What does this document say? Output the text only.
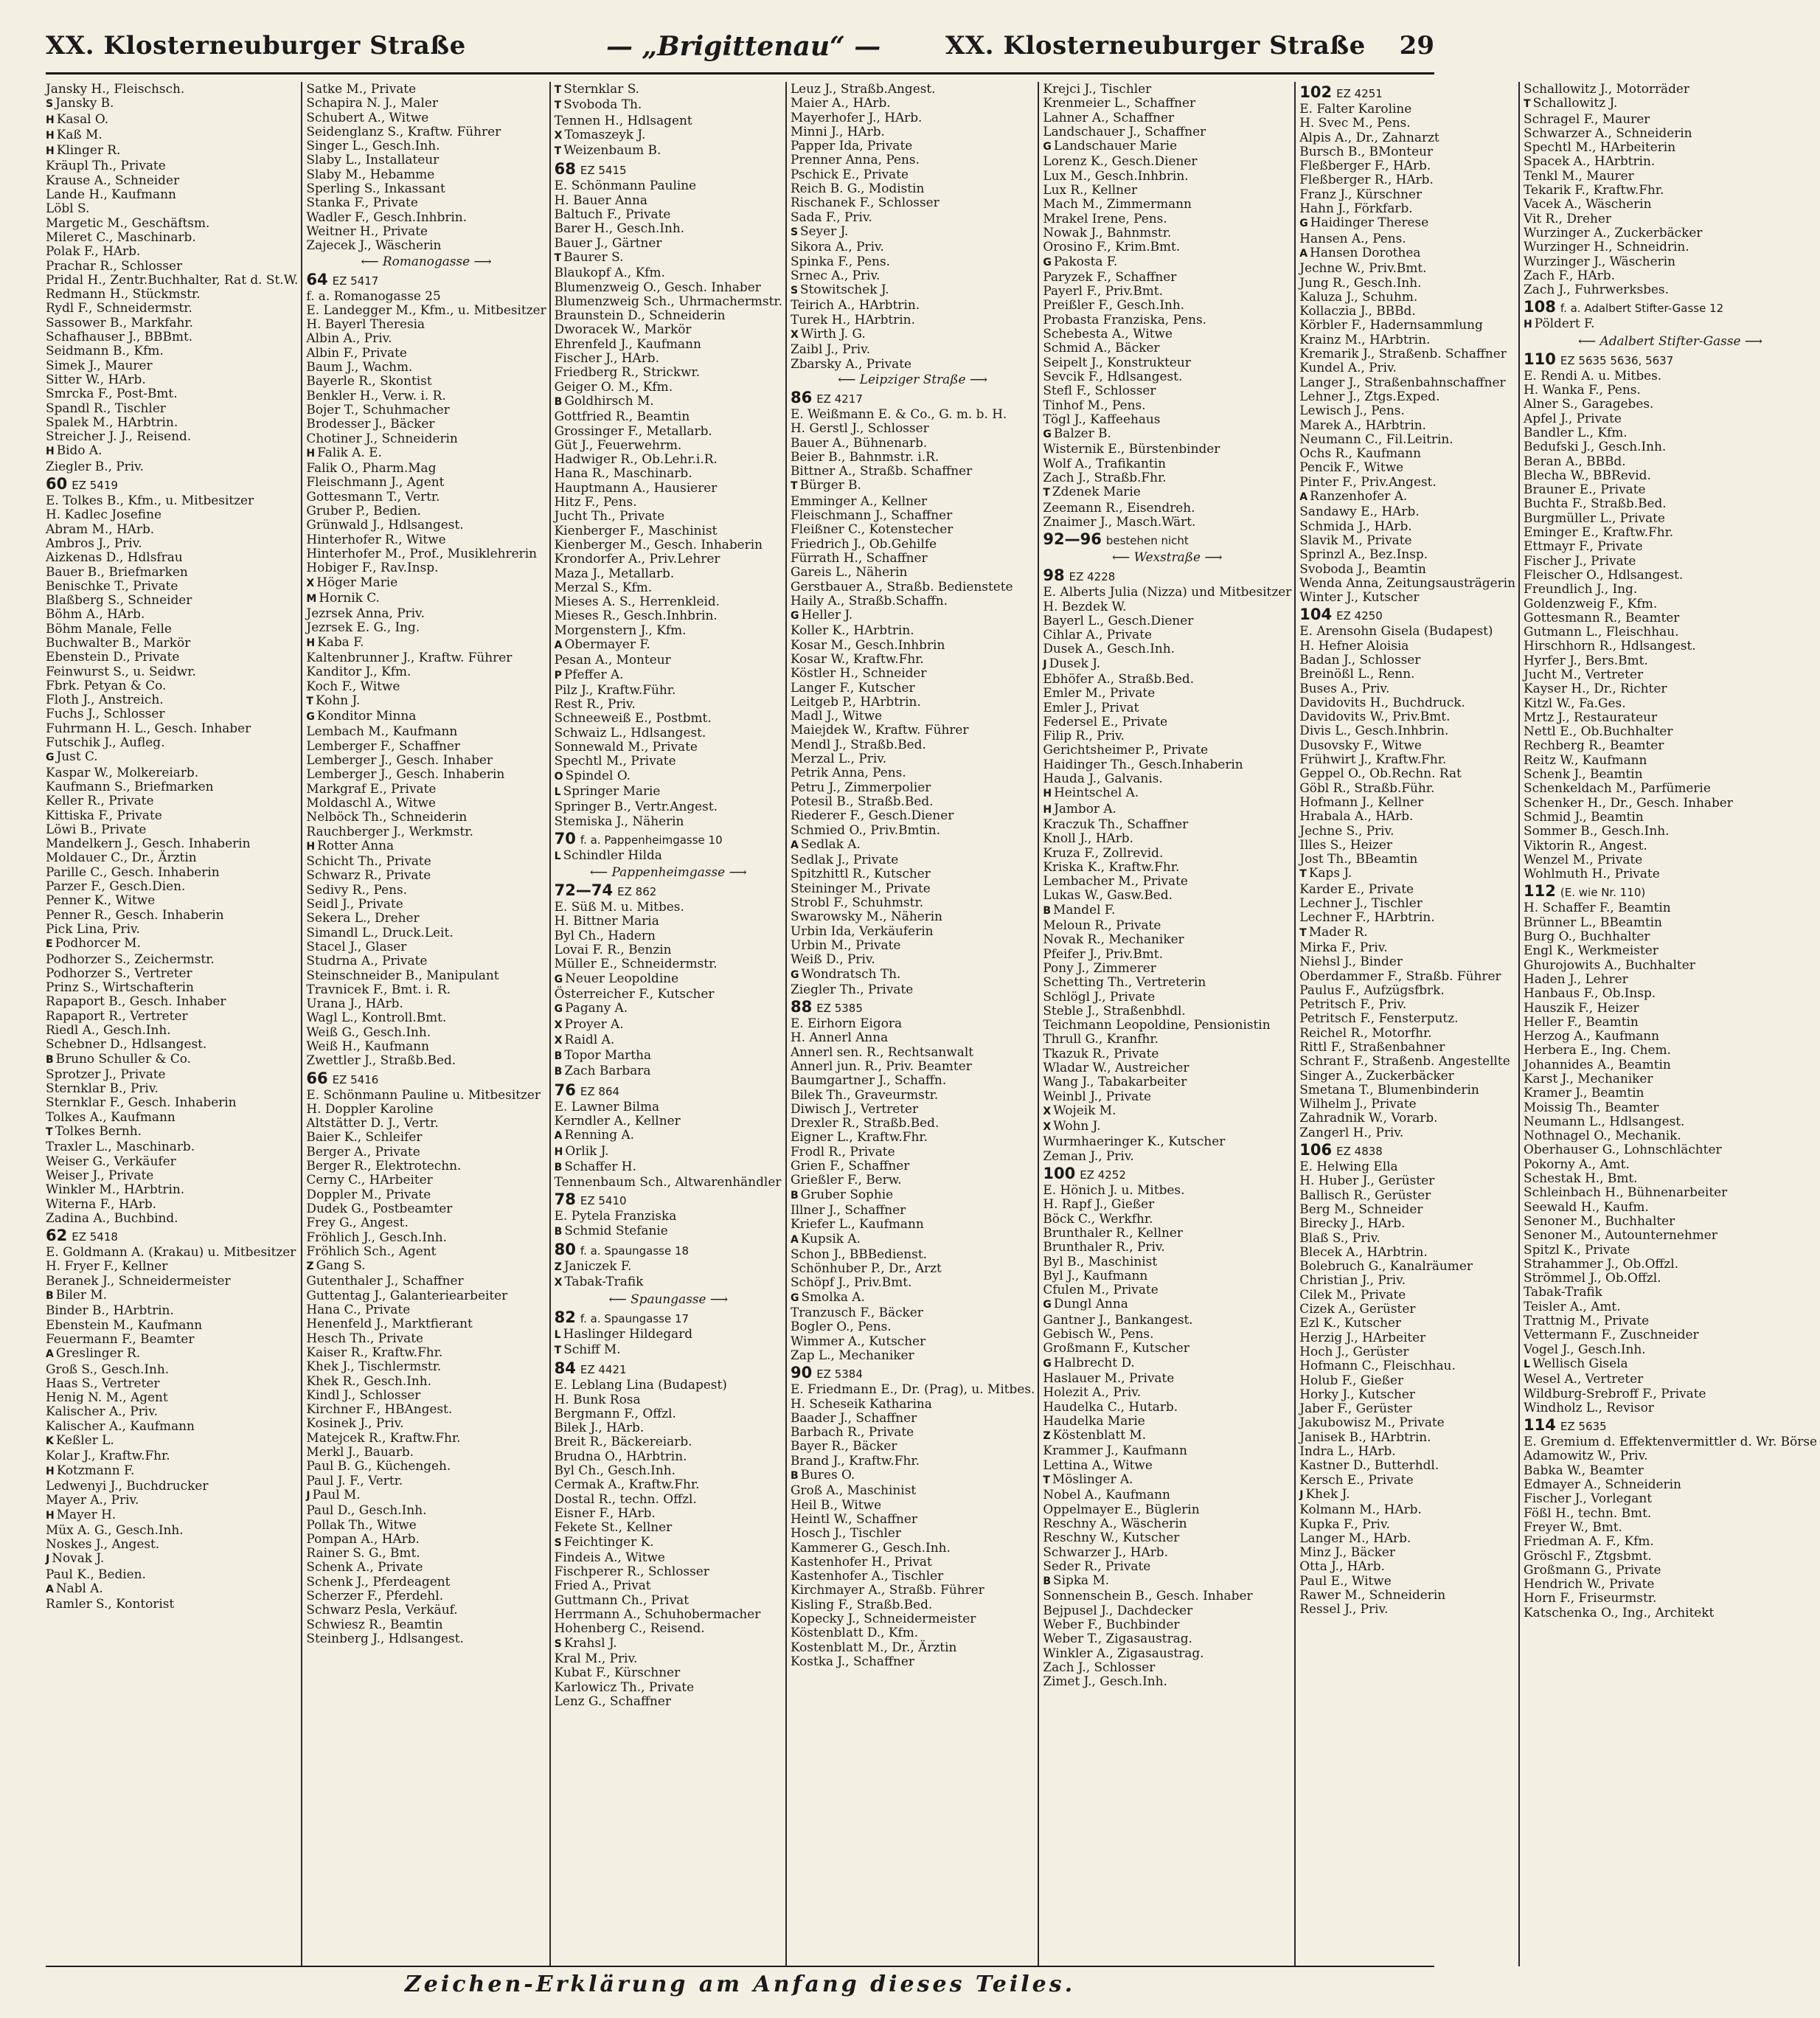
XX. Klosterneuburger Straße	— „Brigittenau“ —	XX. Klosterneuburger Straße 29
Jansky H., Fleischsch.
S Jansky B.
H Kasal O.
H Kaß M.
H Klinger R.
Kräupl Th., Private
Krause A., Schneider
Lande H., Kaufmann
Löbl S.
Margetic M., Geschäftsm.
Mileret C., Maschinarb.
Polak F., HArb.
Prachar R., Schlosser
Pridal H., Zentr.Buchhalter, Rat d. St.W.
Redmann H., Stückmstr.
Rydl F., Schneidermstr.
Sassower B., Markfahr.
Schafhauser J., BBBmt.
Seidmann B., Kfm.
Simek J., Maurer
Sitter W., HArb.
Smrcka F., Post-Bmt.
Spandl R., Tischler
Spalek M., HArbtrin.
Streicher J. J., Reisend.
H Bido A.
Ziegler B., Priv.
60 EZ 5419
E. Tolkes B., Kfm., u. Mitbesitzer
H. Kadlec Josefine
Abram M., HArb.
Ambros J., Priv.
Aizkenas D., Hdlsfrau
Bauer B., Briefmarken
Benischke T., Private
Blaßberg S., Schneider
Böhm A., HArb.
Böhm Manale, Felle
Buchwalter B., Markör
Ebenstein D., Private
Feinwurst S., u. Seidwr.
Fbrk. Petyan & Co.
Floth J., Anstreich.
Fuchs J., Schlosser
Fuhrmann H. L., Gesch. Inhaber
Futschik J., Aufleg.
G Just C.
Kaspar W., Molkereiarb.
Kaufmann S., Briefmarken
Keller R., Private
Kittiska F., Private
Löwi B., Private
Mandelkern J., Gesch. Inhaberin
Moldauer C., Dr., Ärztin
Parille C., Gesch. Inhaberin
Parzer F., Gesch.Dien.
Penner K., Witwe
Penner R., Gesch. Inhaberin
Pick Lina, Priv.
E Podhorcer M.
Podhorzer S., Zeichermstr.
Podhorzer S., Vertreter
Prinz S., Wirtschafterin
Rapaport B., Gesch. Inhaber
Rapaport R., Vertreter
Riedl A., Gesch.Inh.
Schebner D., Hdlsangest.
B Bruno Schuller & Co.
Sprotzer J., Private
Sternklar B., Priv.
Sternklar F., Gesch. Inhaberin
Tolkes A., Kaufmann
T Tolkes Bernh.
Traxler L., Maschinarb.
Weiser G., Verkäufer
Weiser J., Private
Winkler M., HArbtrin.
Witerna F., HArb.
Zadina A., Buchbind.
62 EZ 5418
E. Goldmann A. (Krakau) u. Mitbesitzer
H. Fryer F., Kellner
Beranek J., Schneidermeister
B Biler M.
Binder B., HArbtrin.
Ebenstein M., Kaufmann
Feuermann F., Beamter
A Greslinger R.
Groß S., Gesch.Inh.
Haas S., Vertreter
Henig N. M., Agent
Kalischer A., Priv.
Kalischer A., Kaufmann
K Keßler L.
Kolar J., Kraftw.Fhr.
H Kotzmann F.
Ledwenyi J., Buchdrucker
Mayer A., Priv.
H Mayer H.
Müx A. G., Gesch.Inh.
Noskes J., Angest.
J Novak J.
Paul K., Bedien.
A Nabl A.
Ramler S., Kontorist
Satke M., Private
Schapira N. J., Maler
Schubert A., Witwe
Seidenglanz S., Kraftw. Führer
Singer L., Gesch.Inh.
Slaby L., Installateur
Slaby M., Hebamme
Sperling S., Inkassant
Stanka F., Private
Wadler F., Gesch.Inhbrin.
Weitner H., Private
Zajecek J., Wäscherin
⟵ Romanogasse ⟶
64 EZ 5417
f. a. Romanogasse 25
E. Landegger M., Kfm., u. Mitbesitzer
H. Bayerl Theresia
Albin A., Priv.
Albin F., Private
Baum J., Wachm.
Bayerle R., Skontist
Benkler H., Verw. i. R.
Bojer T., Schuhmacher
Brodesser J., Bäcker
Chotiner J., Schneiderin
H Falik A. E.
Falik O., Pharm.Mag
Fleischmann J., Agent
Gottesmann T., Vertr.
Gruber P., Bedien.
Grünwald J., Hdlsangest.
Hinterhofer R., Witwe
Hinterhofer M., Prof., Musiklehrerin
Hobiger F., Rav.Insp.
X Höger Marie
M Hornik C.
Jezrsek Anna, Priv.
Jezrsek E. G., Ing.
H Kaba F.
Kaltenbrunner J., Kraftw. Führer
Kanditor J., Kfm.
Koch F., Witwe
T Kohn J.
G Konditor Minna
Lembach M., Kaufmann
Lemberger F., Schaffner
Lemberger J., Gesch. Inhaber
Lemberger J., Gesch. Inhaberin
Markgraf E., Private
Moldaschl A., Witwe
Nelböck Th., Schneiderin
Rauchberger J., Werkmstr.
H Rotter Anna
Schicht Th., Private
Schwarz R., Private
Sedivy R., Pens.
Seidl J., Private
Sekera L., Dreher
Simandl L., Druck.Leit.
Stacel J., Glaser
Studrna A., Private
Steinschneider B., Manipulant
Travnicek F., Bmt. i. R.
Urana J., HArb.
Wagl L., Kontroll.Bmt.
Weiß G., Gesch.Inh.
Weiß H., Kaufmann
Zwettler J., Straßb.Bed.
66 EZ 5416
E. Schönmann Pauline u. Mitbesitzer
H. Doppler Karoline
Altstätter D. J., Vertr.
Baier K., Schleifer
Berger A., Private
Berger R., Elektrotechn.
Cerny C., HArbeiter
Doppler M., Private
Dudek G., Postbeamter
Frey G., Angest.
Fröhlich J., Gesch.Inh.
Fröhlich Sch., Agent
Z Gang S.
Gutenthaler J., Schaffner
Guttentag J., Galanteriearbeiter
Hana C., Private
Henenfeld J., Marktfierant
Hesch Th., Private
Kaiser R., Kraftw.Fhr.
Khek J., Tischlermstr.
Khek R., Gesch.Inh.
Kindl J., Schlosser
Kirchner F., HBAngest.
Kosinek J., Priv.
Matejcek R., Kraftw.Fhr.
Merkl J., Bauarb.
Paul B. G., Küchengeh.
Paul J. F., Vertr.
J Paul M.
Paul D., Gesch.Inh.
Pollak Th., Witwe
Pompan A., HArb.
Rainer S. G., Bmt.
Schenk A., Private
Schenk J., Pferdeagent
Scherzer F., Pferdehl.
Schwarz Pesla, Verkäuf.
Schwiesz R., Beamtin
Steinberg J., Hdlsangest.
T Sternklar S.
T Svoboda Th.
Tennen H., Hdlsagent
X Tomaszeyk J.
T Weizenbaum B.
68 EZ 5415
E. Schönmann Pauline
H. Bauer Anna
Baltuch F., Private
Barer H., Gesch.Inh.
Bauer J., Gärtner
T Baurer S.
Blaukopf A., Kfm.
Blumenzweig O., Gesch. Inhaber
Blumenzweig Sch., Uhrmachermstr.
Braunstein D., Schneiderin
Dworacek W., Markör
Ehrenfeld J., Kaufmann
Fischer J., HArb.
Friedberg R., Strickwr.
Geiger O. M., Kfm.
B Goldhirsch M.
Gottfried R., Beamtin
Grossinger F., Metallarb.
Güt J., Feuerwehrm.
Hadwiger R., Ob.Lehr.i.R.
Hana R., Maschinarb.
Hauptmann A., Hausierer
Hitz F., Pens.
Jucht Th., Private
Kienberger F., Maschinist
Kienberger M., Gesch. Inhaberin
Krondorfer A., Priv.Lehrer
Maza J., Metallarb.
Merzal S., Kfm.
Mieses A. S., Herrenkleid.
Mieses R., Gesch.Inhbrin.
Morgenstern J., Kfm.
A Obermayer F.
Pesan A., Monteur
P Pfeffer A.
Pilz J., Kraftw.Führ.
Rest R., Priv.
Schneeweiß E., Postbmt.
Schwaiz L., Hdlsangest.
Sonnewald M., Private
Spechtl M., Private
O Spindel O.
L Springer Marie
Springer B., Vertr.Angest.
Stemiska J., Näherin
70 f. a. Pappenheimgasse 10
L Schindler Hilda
⟵ Pappenheimgasse ⟶
72—74 EZ 862
E. Süß M. u. Mitbes.
H. Bittner Maria
Byl Ch., Hadern
Lovai F. R., Benzin
Müller E., Schneidermstr.
G Neuer Leopoldine
Österreicher F., Kutscher
G Pagany A.
X Proyer A.
X Raidl A.
B Topor Martha
B Zach Barbara
76 EZ 864
E. Lawner Bilma
Kerndler A., Kellner
A Renning A.
H Orlik J.
B Schaffer H.
Tennenbaum Sch., Altwarenhändler
78 EZ 5410
E. Pytela Franziska
B Schmid Stefanie
80 f. a. Spaungasse 18
Z Janiczek F.
X Tabak-Trafik
⟵ Spaungasse ⟶
82 f. a. Spaungasse 17
L Haslinger Hildegard
T Schiff M.
84 EZ 4421
E. Leblang Lina (Budapest)
H. Bunk Rosa
Bergmann F., Offzl.
Bilek J., HArb.
Breit R., Bäckereiarb.
Brudna O., HArbtrin.
Byl Ch., Gesch.Inh.
Cermak A., Kraftw.Fhr.
Dostal R., techn. Offzl.
Eisner F., HArb.
Fekete St., Kellner
S Feichtinger K.
Findeis A., Witwe
Fischperer R., Schlosser
Fried A., Privat
Guttmann Ch., Privat
Herrmann A., Schuhobermacher
Hohenberg C., Reisend.
S Krahsl J.
Kral M., Priv.
Kubat F., Kürschner
Karlowicz Th., Private
Lenz G., Schaffner
Leuz J., Straßb.Angest.
Maier A., HArb.
Mayerhofer J., HArb.
Minni J., HArb.
Papper Ida, Private
Prenner Anna, Pens.
Pschick E., Private
Reich B. G., Modistin
Rischanek F., Schlosser
Sada F., Priv.
S Seyer J.
Sikora A., Priv.
Spinka F., Pens.
Srnec A., Priv.
S Stowitschek J.
Teirich A., HArbtrin.
Turek H., HArbtrin.
X Wirth J. G.
Zaibl J., Priv.
Zbarsky A., Private
⟵ Leipziger Straße ⟶
86 EZ 4217
E. Weißmann E. & Co., G. m. b. H.
H. Gerstl J., Schlosser
Bauer A., Bühnenarb.
Beier B., Bahnmstr. i.R.
Bittner A., Straßb. Schaffner
T Bürger B.
Emminger A., Kellner
Fleischmann J., Schaffner
Fleißner C., Kotenstecher
Friedrich J., Ob.Gehilfe
Fürrath H., Schaffner
Gareis L., Näherin
Gerstbauer A., Straßb. Bedienstete
Haily A., Straßb.Schaffn.
G Heller J.
Koller K., HArbtrin.
Kosar M., Gesch.Inhbrin
Kosar W., Kraftw.Fhr.
Köstler H., Schneider
Langer F., Kutscher
Leitgeb P., HArbtrin.
Madl J., Witwe
Maiejdek W., Kraftw. Führer
Mendl J., Straßb.Bed.
Merzal L., Priv.
Petrik Anna, Pens.
Petru J., Zimmerpolier
Potesil B., Straßb.Bed.
Riederer F., Gesch.Diener
Schmied O., Priv.Bmtin.
A Sedlak A.
Sedlak J., Private
Spitzhittl R., Kutscher
Steininger M., Private
Strobl F., Schuhmstr.
Swarowsky M., Näherin
Urbin Ida, Verkäuferin
Urbin M., Private
Weiß D., Priv.
G Wondratsch Th.
Ziegler Th., Private
88 EZ 5385
E. Eirhorn Eigora
H. Annerl Anna
Annerl sen. R., Rechtsanwalt
Annerl jun. R., Priv. Beamter
Baumgartner J., Schaffn.
Bilek Th., Graveurmstr.
Diwisch J., Vertreter
Drexler R., Straßb.Bed.
Eigner L., Kraftw.Fhr.
Frodl R., Private
Grien F., Schaffner
Grießler F., Berw.
B Gruber Sophie
Illner J., Schaffner
Kriefer L., Kaufmann
A Kupsik A.
Schon J., BBBedienst.
Schönhuber P., Dr., Arzt
Schöpf J., Priv.Bmt.
G Smolka A.
Tranzusch F., Bäcker
Bogler O., Pens.
Wimmer A., Kutscher
Zap L., Mechaniker
90 EZ 5384
E. Friedmann E., Dr. (Prag), u. Mitbes.
H. Scheseik Katharina
Baader J., Schaffner
Barbach R., Private
Bayer R., Bäcker
Brand J., Kraftw.Fhr.
B Bures O.
Groß A., Maschinist
Heil B., Witwe
Heintl W., Schaffner
Hosch J., Tischler
Kammerer G., Gesch.Inh.
Kastenhofer H., Privat
Kastenhofer A., Tischler
Kirchmayer A., Straßb. Führer
Kisling F., Straßb.Bed.
Kopecky J., Schneidermeister
Köstenblatt D., Kfm.
Kostenblatt M., Dr., Ärztin
Kostka J., Schaffner
Krejci J., Tischler
Krenmeier L., Schaffner
Lahner A., Schaffner
Landschauer J., Schaffner
G Landschauer Marie
Lorenz K., Gesch.Diener
Lux M., Gesch.Inhbrin.
Lux R., Kellner
Mach M., Zimmermann
Mrakel Irene, Pens.
Nowak J., Bahnmstr.
Orosino F., Krim.Bmt.
G Pakosta F.
Paryzek F., Schaffner
Payerl F., Priv.Bmt.
Preißler F., Gesch.Inh.
Probasta Franziska, Pens.
Schebesta A., Witwe
Schmid A., Bäcker
Seipelt J., Konstrukteur
Sevcik F., Hdlsangest.
Stefl F., Schlosser
Tinhof M., Pens.
Tögl J., Kaffeehaus
G Balzer B.
Wisternik E., Bürstenbinder
Wolf A., Trafikantin
Zach J., Straßb.Fhr.
T Zdenek Marie
Zeemann R., Eisendreh.
Znaimer J., Masch.Wärt.
92—96 bestehen nicht
⟵ Wexstraße ⟶
98 EZ 4228
E. Alberts Julia (Nizza) und Mitbesitzer
H. Bezdek W.
Bayerl L., Gesch.Diener
Cihlar A., Private
Dusek A., Gesch.Inh.
J Dusek J.
Ebhöfer A., Straßb.Bed.
Emler M., Private
Emler J., Privat
Federsel E., Private
Filip R., Priv.
Gerichtsheimer P., Private
Haidinger Th., Gesch.Inhaberin
Hauda J., Galvanis.
H Heintschel A.
H Jambor A.
Kraczuk Th., Schaffner
Knoll J., HArb.
Kruza F., Zollrevid.
Kriska K., Kraftw.Fhr.
Lembacher M., Private
Lukas W., Gasw.Bed.
B Mandel F.
Meloun R., Private
Novak R., Mechaniker
Pfeifer J., Priv.Bmt.
Pony J., Zimmerer
Schetting Th., Vertreterin
Schlögl J., Private
Steble J., Straßenbhdl.
Teichmann Leopoldine, Pensionistin
Thrull G., Kranfhr.
Tkazuk R., Private
Wladar W., Austreicher
Wang J., Tabakarbeiter
Weinbl J., Private
X Wojeik M.
X Wohn J.
Wurmhaeringer K., Kutscher
Zeman J., Priv.
100 EZ 4252
E. Hönich J. u. Mitbes.
H. Rapf J., Gießer
Böck C., Werkfhr.
Brunthaler R., Kellner
Brunthaler R., Priv.
Byl B., Maschinist
Byl J., Kaufmann
Cfulen M., Private
G Dungl Anna
Gantner J., Bankangest.
Gebisch W., Pens.
Großmann F., Kutscher
G Halbrecht D.
Haslauer M., Private
Holezit A., Priv.
Haudelka C., Hutarb.
Haudelka Marie
Z Köstenblatt M.
Krammer J., Kaufmann
Lettina A., Witwe
T Möslinger A.
Nobel A., Kaufmann
Oppelmayer E., Büglerin
Reschny A., Wäscherin
Reschny W., Kutscher
Schwarzer J., HArb.
Seder R., Private
B Sipka M.
Sonnenschein B., Gesch. Inhaber
Bejpusel J., Dachdecker
Weber F., Buchbinder
Weber T., Zigasaustrag.
Winkler A., Zigasaustrag.
Zach J., Schlosser
Zimet J., Gesch.Inh.
102 EZ 4251
E. Falter Karoline
H. Svec M., Pens.
Alpis A., Dr., Zahnarzt
Bursch B., BMonteur
Fleßberger F., HArb.
Fleßberger R., HArb.
Franz J., Kürschner
Hahn J., Förkfarb.
G Haidinger Therese
Hansen A., Pens.
A Hansen Dorothea
Jechne W., Priv.Bmt.
Jung R., Gesch.Inh.
Kaluza J., Schuhm.
Kollaczia J., BBBd.
Körbler F., Hadernsammlung
Krainz M., HArbtrin.
Kremarik J., Straßenb. Schaffner
Kundel A., Priv.
Langer J., Straßenbahnschaffner
Lehner J., Ztgs.Exped.
Lewisch J., Pens.
Marek A., HArbtrin.
Neumann C., Fil.Leitrin.
Ochs R., Kaufmann
Pencik F., Witwe
Pinter F., Priv.Angest.
A Ranzenhofer A.
Sandawy E., HArb.
Schmida J., HArb.
Slavik M., Private
Sprinzl A., Bez.Insp.
Svoboda J., Beamtin
Wenda Anna, Zeitungsausträgerin
Winter J., Kutscher
104 EZ 4250
E. Arensohn Gisela (Budapest)
H. Hefner Aloisia
Badan J., Schlosser
Breinößl L., Renn.
Buses A., Priv.
Davidovits H., Buchdruck.
Davidovits W., Priv.Bmt.
Divis L., Gesch.Inhbrin.
Dusovsky F., Witwe
Frühwirt J., Kraftw.Fhr.
Geppel O., Ob.Rechn. Rat
Göbl R., Straßb.Führ.
Hofmann J., Kellner
Hrabala A., HArb.
Jechne S., Priv.
Illes S., Heizer
Jost Th., BBeamtin
T Kaps J.
Karder E., Private
Lechner J., Tischler
Lechner F., HArbtrin.
T Mader R.
Mirka F., Priv.
Niehsl J., Binder
Oberdammer F., Straßb. Führer
Paulus F., Aufzügsfbrk.
Petritsch F., Priv.
Petritsch F., Fensterputz.
Reichel R., Motorfhr.
Rittl F., Straßenbahner
Schrant F., Straßenb. Angestellte
Singer A., Zuckerbäcker
Smetana T., Blumenbinderin
Wilhelm J., Private
Zahradnik W., Vorarb.
Zangerl H., Priv.
106 EZ 4838
E. Helwing Ella
H. Huber J., Gerüster
Ballisch R., Gerüster
Berg M., Schneider
Birecky J., HArb.
Blaß S., Priv.
Blecek A., HArbtrin.
Bolebruch G., Kanalräumer
Christian J., Priv.
Cilek M., Private
Cizek A., Gerüster
Ezl K., Kutscher
Herzig J., HArbeiter
Hoch J., Gerüster
Hofmann C., Fleischhau.
Holub F., Gießer
Horky J., Kutscher
Jaber F., Gerüster
Jakubowisz M., Private
Janisek B., HArbtrin.
Indra L., HArb.
Kastner D., Butterhdl.
Kersch E., Private
J Khek J.
Kolmann M., HArb.
Kupka F., Priv.
Langer M., HArb.
Minz J., Bäcker
Otta J., HArb.
Paul E., Witwe
Rawer M., Schneiderin
Ressel J., Priv.
Schallowitz J., Motorräder
T Schallowitz J.
Schragel F., Maurer
Schwarzer A., Schneiderin
Spechtl M., HArbeiterin
Spacek A., HArbtrin.
Tenkl M., Maurer
Tekarik F., Kraftw.Fhr.
Vacek A., Wäscherin
Vit R., Dreher
Wurzinger A., Zuckerbäcker
Wurzinger H., Schneidrin.
Wurzinger J., Wäscherin
Zach F., HArb.
Zach J., Fuhrwerksbes.
108 f. a. Adalbert Stifter-Gasse 12
H Pöldert F.
⟵ Adalbert Stifter-Gasse ⟶
110 EZ 5635 5636, 5637
E. Rendi A. u. Mitbes.
H. Wanka F., Pens.
Alner S., Garagebes.
Apfel J., Private
Bandler L., Kfm.
Bedufski J., Gesch.Inh.
Beran A., BBBd.
Blecha W., BBRevid.
Brauner E., Private
Buchta F., Straßb.Bed.
Burgmüller L., Private
Eminger E., Kraftw.Fhr.
Ettmayr F., Private
Fischer J., Private
Fleischer O., Hdlsangest.
Freundlich J., Ing.
Goldenzweig F., Kfm.
Gottesmann R., Beamter
Gutmann L., Fleischhau.
Hirschhorn R., Hdlsangest.
Hyrfer J., Bers.Bmt.
Jucht M., Vertreter
Kayser H., Dr., Richter
Kitzl W., Fa.Ges.
Mrtz J., Restaurateur
Nettl E., Ob.Buchhalter
Rechberg R., Beamter
Reitz W., Kaufmann
Schenk J., Beamtin
Schenkeldach M., Parfümerie
Schenker H., Dr., Gesch. Inhaber
Schmid J., Beamtin
Sommer B., Gesch.Inh.
Viktorin R., Angest.
Wenzel M., Private
Wohlmuth H., Private
112 (E. wie Nr. 110)
H. Schaffer F., Beamtin
Brünner L., BBeamtin
Burg O., Buchhalter
Engl K., Werkmeister
Ghurojowits A., Buchhalter
Haden J., Lehrer
Hanbaus F., Ob.Insp.
Hauszik F., Heizer
Heller F., Beamtin
Herzog A., Kaufmann
Herbera E., Ing. Chem.
Johannides A., Beamtin
Karst J., Mechaniker
Kramer J., Beamtin
Moissig Th., Beamter
Neumann L., Hdlsangest.
Nothnagel O., Mechanik.
Oberhauser G., Lohnschlächter
Pokorny A., Amt.
Schestak H., Bmt.
Schleinbach H., Bühnenarbeiter
Seewald H., Kaufm.
Senoner M., Buchhalter
Senoner M., Autounternehmer
Spitzl K., Private
Strahammer J., Ob.Offzl.
Strömmel J., Ob.Offzl.
Tabak-Trafik
Teisler A., Amt.
Trattnig M., Private
Vettermann F., Zuschneider
Vogel J., Gesch.Inh.
L Wellisch Gisela
Wesel A., Vertreter
Wildburg-Srebroff F., Private
Windholz L., Revisor
114 EZ 5635
E. Gremium d. Effektenvermittler d. Wr. Börse
Adamowitz W., Priv.
Babka W., Beamter
Edmayer A., Schneiderin
Fischer J., Vorlegant
Fößl H., techn. Bmt.
Freyer W., Bmt.
Friedman A. F., Kfm.
Gröschl F., Ztgsbmt.
Großmann G., Private
Hendrich W., Private
Horn F., Friseurmstr.
Katschenka O., Ing., Architekt
Zeichen-Erklärung am Anfang dieses Teiles.
